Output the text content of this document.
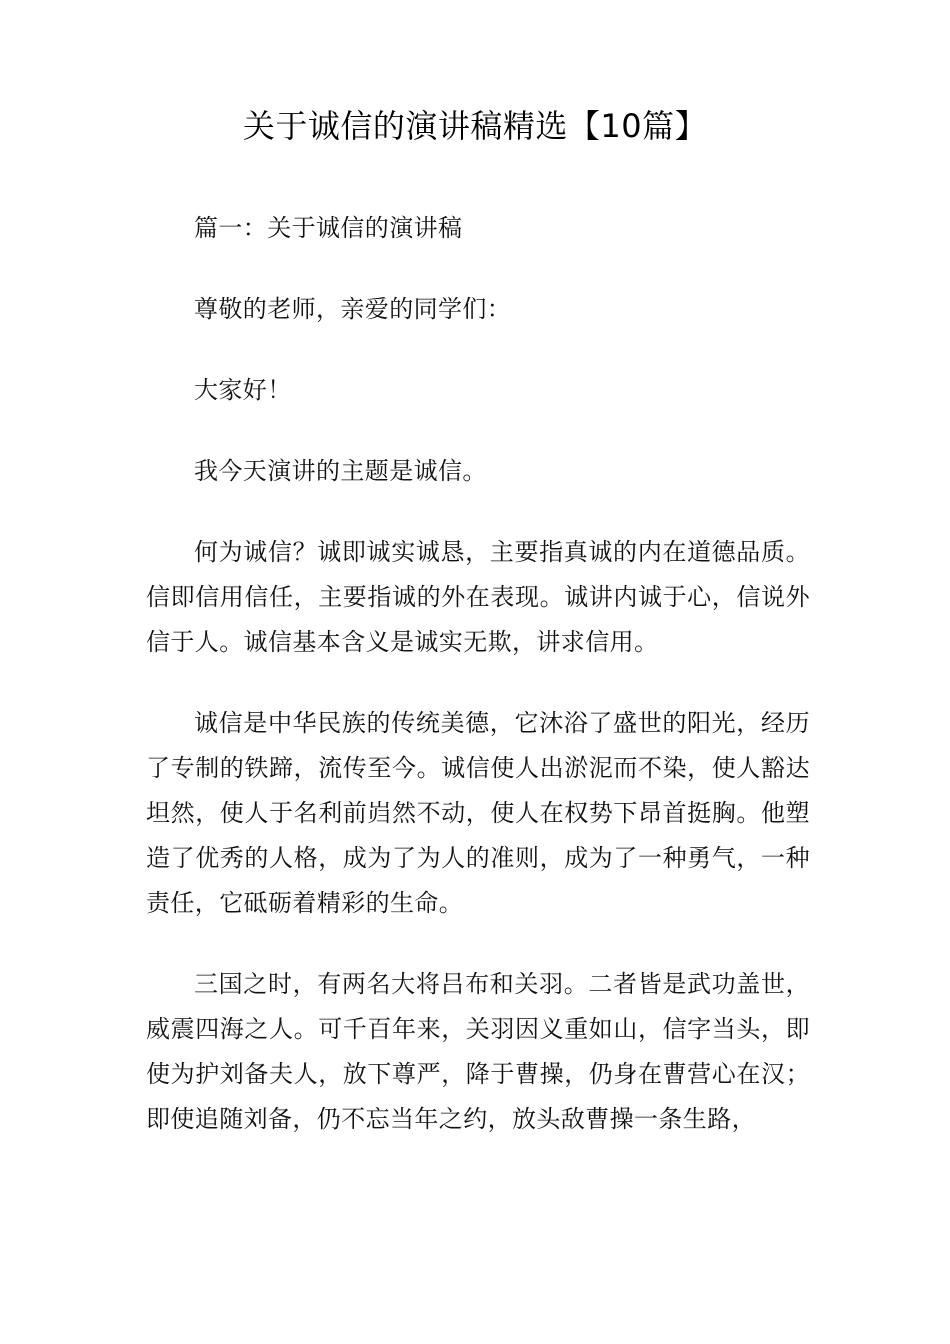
关于诚信的演讲稿精选【10篇】

篇一：关于诚信的演讲稿

尊敬的老师，亲爱的同学们：

大家好！

我今天演讲的主题是诚信。

何为诚信？诚即诚实诚恳，主要指真诚的内在道德品质。信即信用信任，主要指诚的外在表现。诚讲内诚于心，信说外信于人。诚信基本含义是诚实无欺，讲求信用。

诚信是中华民族的传统美德，它沐浴了盛世的阳光，经历了专制的铁蹄，流传至今。诚信使人出淤泥而不染，使人豁达坦然，使人于名利前岿然不动，使人在权势下昂首挺胸。他塑造了优秀的人格，成为了为人的准则，成为了一种勇气，一种责任，它砥砺着精彩的生命。

三国之时，有两名大将吕布和关羽。二者皆是武功盖世，威震四海之人。可千百年来，关羽因义重如山，信字当头，即使为护刘备夫人，放下尊严，降于曹操，仍身在曹营心在汉；即使追随刘备，仍不忘当年之约，放头敌曹操一条生路，
